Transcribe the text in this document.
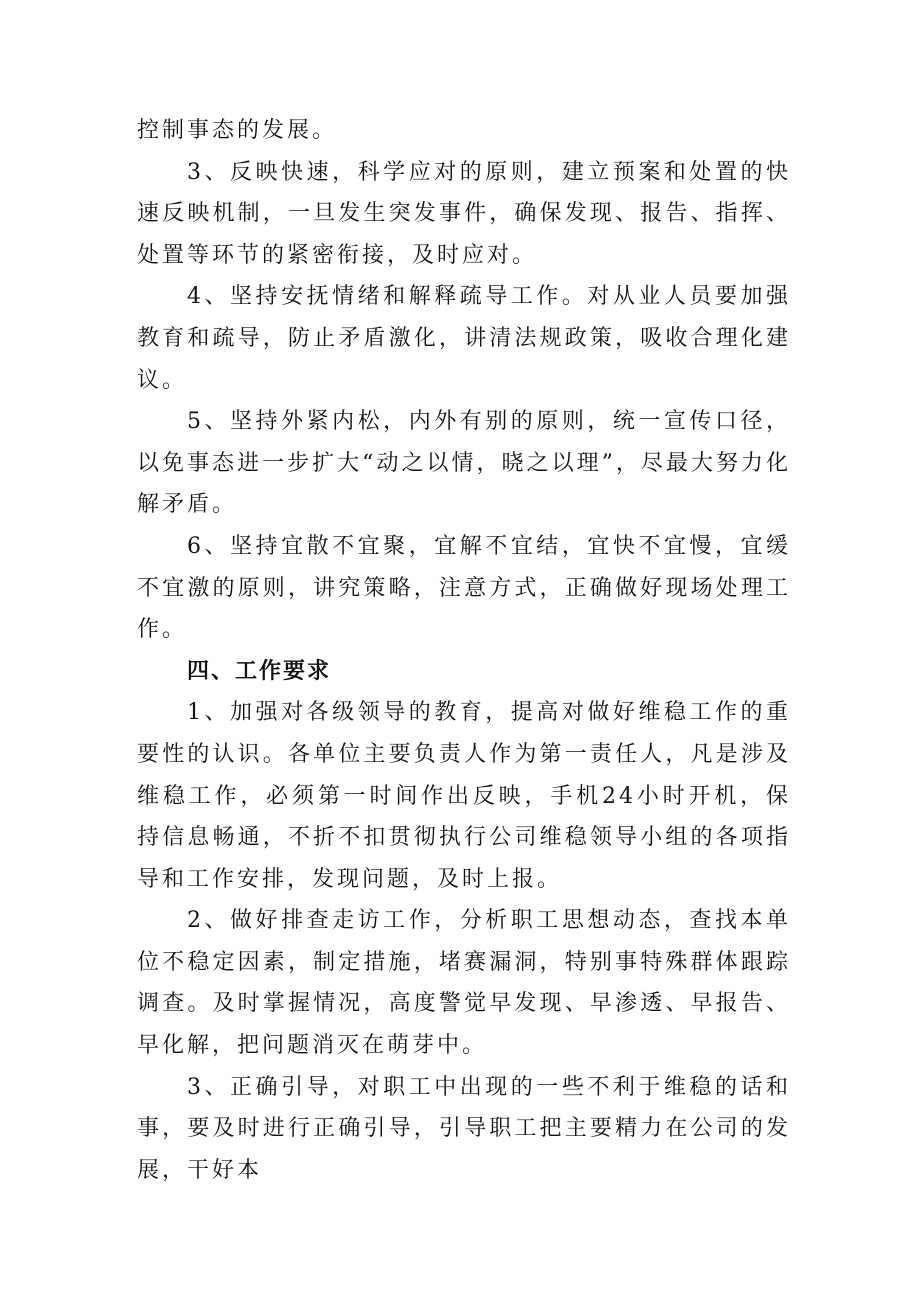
控制事态的发展。

3、反映快速，科学应对的原则，建立预案和处置的快速反映机制，一旦发生突发事件，确保发现、报告、指挥、处置等环节的紧密衔接，及时应对。

4、坚持安抚情绪和解释疏导工作。对从业人员要加强教育和疏导，防止矛盾激化，讲清法规政策，吸收合理化建议。

5、坚持外紧内松，内外有别的原则，统一宣传口径，以免事态进一步扩大“动之以情，晓之以理”，尽最大努力化解矛盾。

6、坚持宜散不宜聚，宜解不宜结，宜快不宜慢，宜缓不宜激的原则，讲究策略，注意方式，正确做好现场处理工作。

四、工作要求

1、加强对各级领导的教育，提高对做好维稳工作的重要性的认识。各单位主要负责人作为第一责任人，凡是涉及维稳工作，必须第一时间作出反映，手机24小时开机，保持信息畅通，不折不扣贯彻执行公司维稳领导小组的各项指导和工作安排，发现问题，及时上报。

2、做好排查走访工作，分析职工思想动态，查找本单位不稳定因素，制定措施，堵赛漏洞，特别事特殊群体跟踪调查。及时掌握情况，高度警觉早发现、早渗透、早报告、早化解，把问题消灭在萌芽中。

3、正确引导，对职工中出现的一些不利于维稳的话和事，要及时进行正确引导，引导职工把主要精力在公司的发展，干好本
